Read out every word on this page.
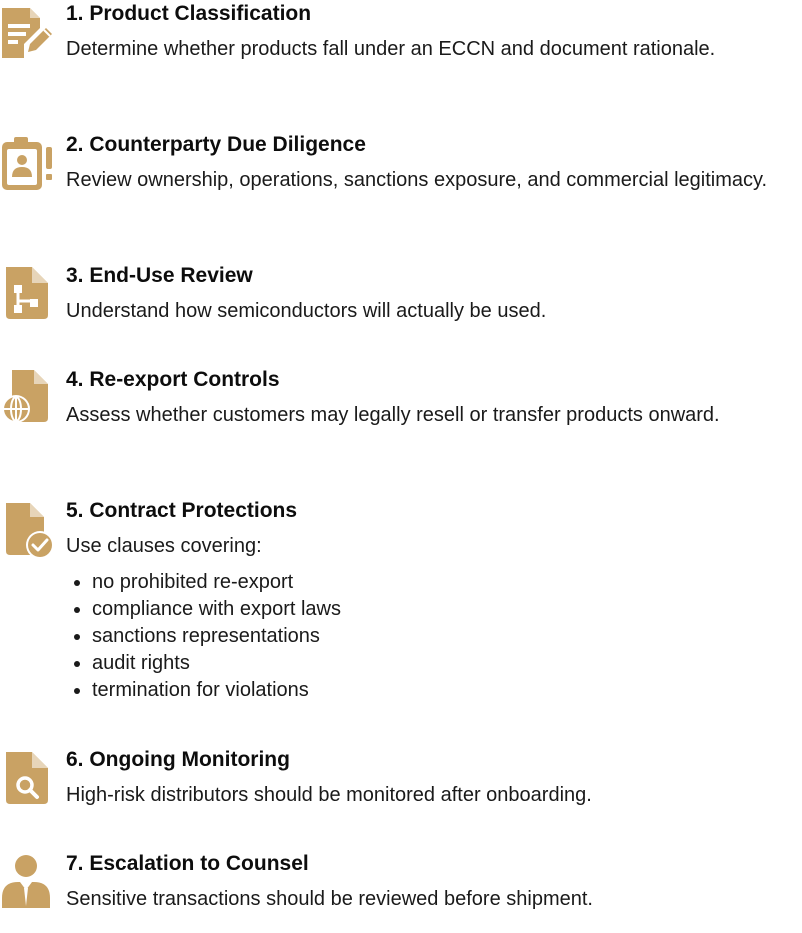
1. Product Classification

Determine whether products fall under an ECCN and document rationale.

2. Counterparty Due Diligence

Review ownership, operations, sanctions exposure, and commercial legitimacy.

3. End-Use Review

Understand how semiconductors will actually be used.

4. Re-export Controls

Assess whether customers may legally resell or transfer products onward.

5. Contract Protections

Use clauses covering:

• no prohibited re-export
• compliance with export laws
• sanctions representations
• audit rights
• termination for violations
6. Ongoing Monitoring

High-risk distributors should be monitored after onboarding.

7. Escalation to Counsel

Sensitive transactions should be reviewed before shipment.
